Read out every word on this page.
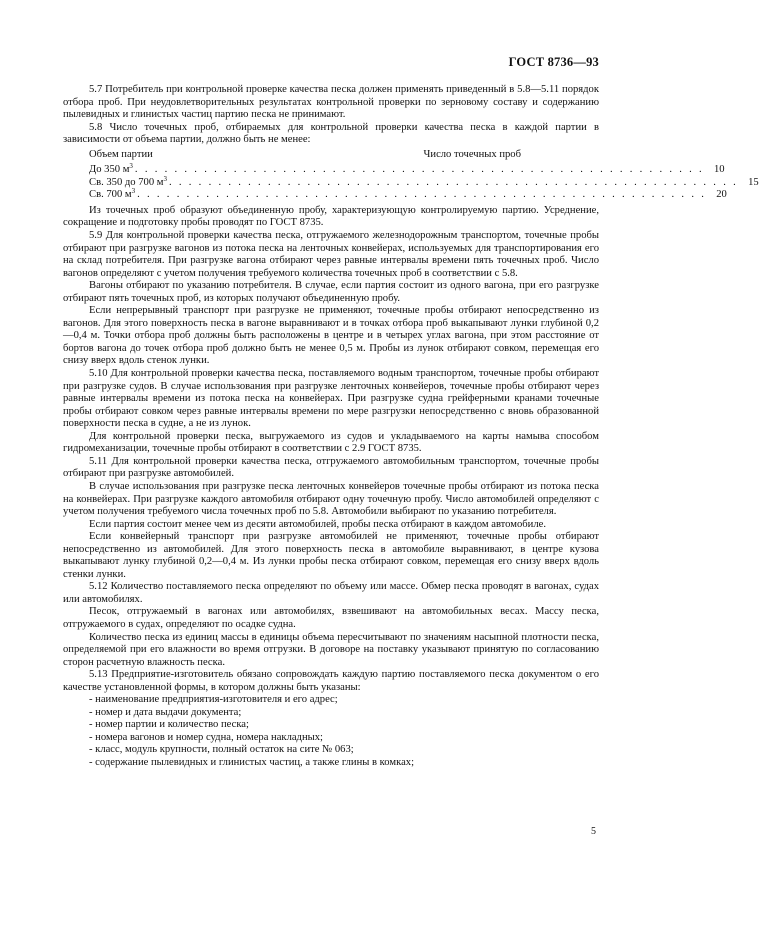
ГОСТ 8736—93

5.7 Потребитель при контрольной проверке качества песка должен применять приведенный в 5.8—5.11 порядок отбора проб. При неудовлетворительных результатах контрольной проверки по зерновому составу и содержанию пылевидных и глинистых частиц партию песка не принимают.

5.8 Число точечных проб, отбираемых для контрольной проверки качества песка в каждой партии в зависимости от объема партии, должно быть не менее:

Объем партии	Число точечных проб
До 350 $м^3$ . . . . . . . . . . . . . . . . . . . . . . . . . . . . . . . . . . . . . . . . . . . . . . . . . . . . . . . . . . 10
Св. 350 до 700 $м^3$ . . . . . . . . . . . . . . . . . . . . . . . . . . . . . . . . . . . . . . . . . . . . . . . . . . . . . . . . . . 15
Св. 700 $м^3$ . . . . . . . . . . . . . . . . . . . . . . . . . . . . . . . . . . . . . . . . . . . . . . . . . . . . . . . . . . 20

Из точечных проб образуют объединенную пробу, характеризующую контролируемую партию. Усреднение, сокращение и подготовку пробы проводят по ГОСТ 8735.

5.9 Для контрольной проверки качества песка, отгружаемого железнодорожным транспортом, точечные пробы отбирают при разгрузке вагонов из потока песка на ленточных конвейерах, используемых для транспортирования его на склад потребителя. При разгрузке вагона отбирают через равные интервалы времени пять точечных проб. Число вагонов определяют с учетом получения требуемого количества точечных проб в соответствии с 5.8.

Вагоны отбирают по указанию потребителя. В случае, если партия состоит из одного вагона, при его разгрузке отбирают пять точечных проб, из которых получают объединенную пробу.

Если непрерывный транспорт при разгрузке не применяют, точечные пробы отбирают непосредственно из вагонов. Для этого поверхность песка в вагоне выравнивают и в точках отбора проб выкапывают лунки глубиной 0,2—0,4 м. Точки отбора проб должны быть расположены в центре и в четырех углах вагона, при этом расстояние от бортов вагона до точек отбора проб должно быть не менее 0,5 м. Пробы из лунок отбирают совком, перемещая его снизу вверх вдоль стенок лунки.

5.10 Для контрольной проверки качества песка, поставляемого водным транспортом, точечные пробы отбирают при разгрузке судов. В случае использования при разгрузке ленточных конвейеров, точечные пробы отбирают через равные интервалы времени из потока песка на конвейерах. При разгрузке судна грейферными кранами точечные пробы отбирают совком через равные интервалы времени по мере разгрузки непосредственно с вновь образованной поверхности песка в судне, а не из лунок.

Для контрольной проверки песка, выгружаемого из судов и укладываемого на карты намыва способом гидромеханизации, точечные пробы отбирают в соответствии с 2.9 ГОСТ 8735.

5.11 Для контрольной проверки качества песка, отгружаемого автомобильным транспортом, точечные пробы отбирают при разгрузке автомобилей.

В случае использования при разгрузке песка ленточных конвейеров точечные пробы отбирают из потока песка на конвейерах. При разгрузке каждого автомобиля отбирают одну точечную пробу. Число автомобилей определяют с учетом получения требуемого числа точечных проб по 5.8. Автомобили выбирают по указанию потребителя.

Если партия состоит менее чем из десяти автомобилей, пробы песка отбирают в каждом автомобиле.

Если конвейерный транспорт при разгрузке автомобилей не применяют, точечные пробы отбирают непосредственно из автомобилей. Для этого поверхность песка в автомобиле выравнивают, в центре кузова выкапывают лунку глубиной 0,2—0,4 м. Из лунки пробы песка отбирают совком, перемещая его снизу вверх вдоль стенки лунки.

5.12 Количество поставляемого песка определяют по объему или массе. Обмер песка проводят в вагонах, судах или автомобилях.

Песок, отгружаемый в вагонах или автомобилях, взвешивают на автомобильных весах. Массу песка, отгружаемого в судах, определяют по осадке судна.

Количество песка из единиц массы в единицы объема пересчитывают по значениям насыпной плотности песка, определяемой при его влажности во время отгрузки. В договоре на поставку указывают принятую по согласованию сторон расчетную влажность песка.

5.13 Предприятие-изготовитель обязано сопровождать каждую партию поставляемого песка документом о его качестве установленной формы, в котором должны быть указаны:

- наименование предприятия-изготовителя и его адрес;

- номер и дата выдачи документа;

- номер партии и количество песка;

- номера вагонов и номер судна, номера накладных;

- класс, модуль крупности, полный остаток на сите № 063;

- содержание пылевидных и глинистых частиц, а также глины в комках;

5
